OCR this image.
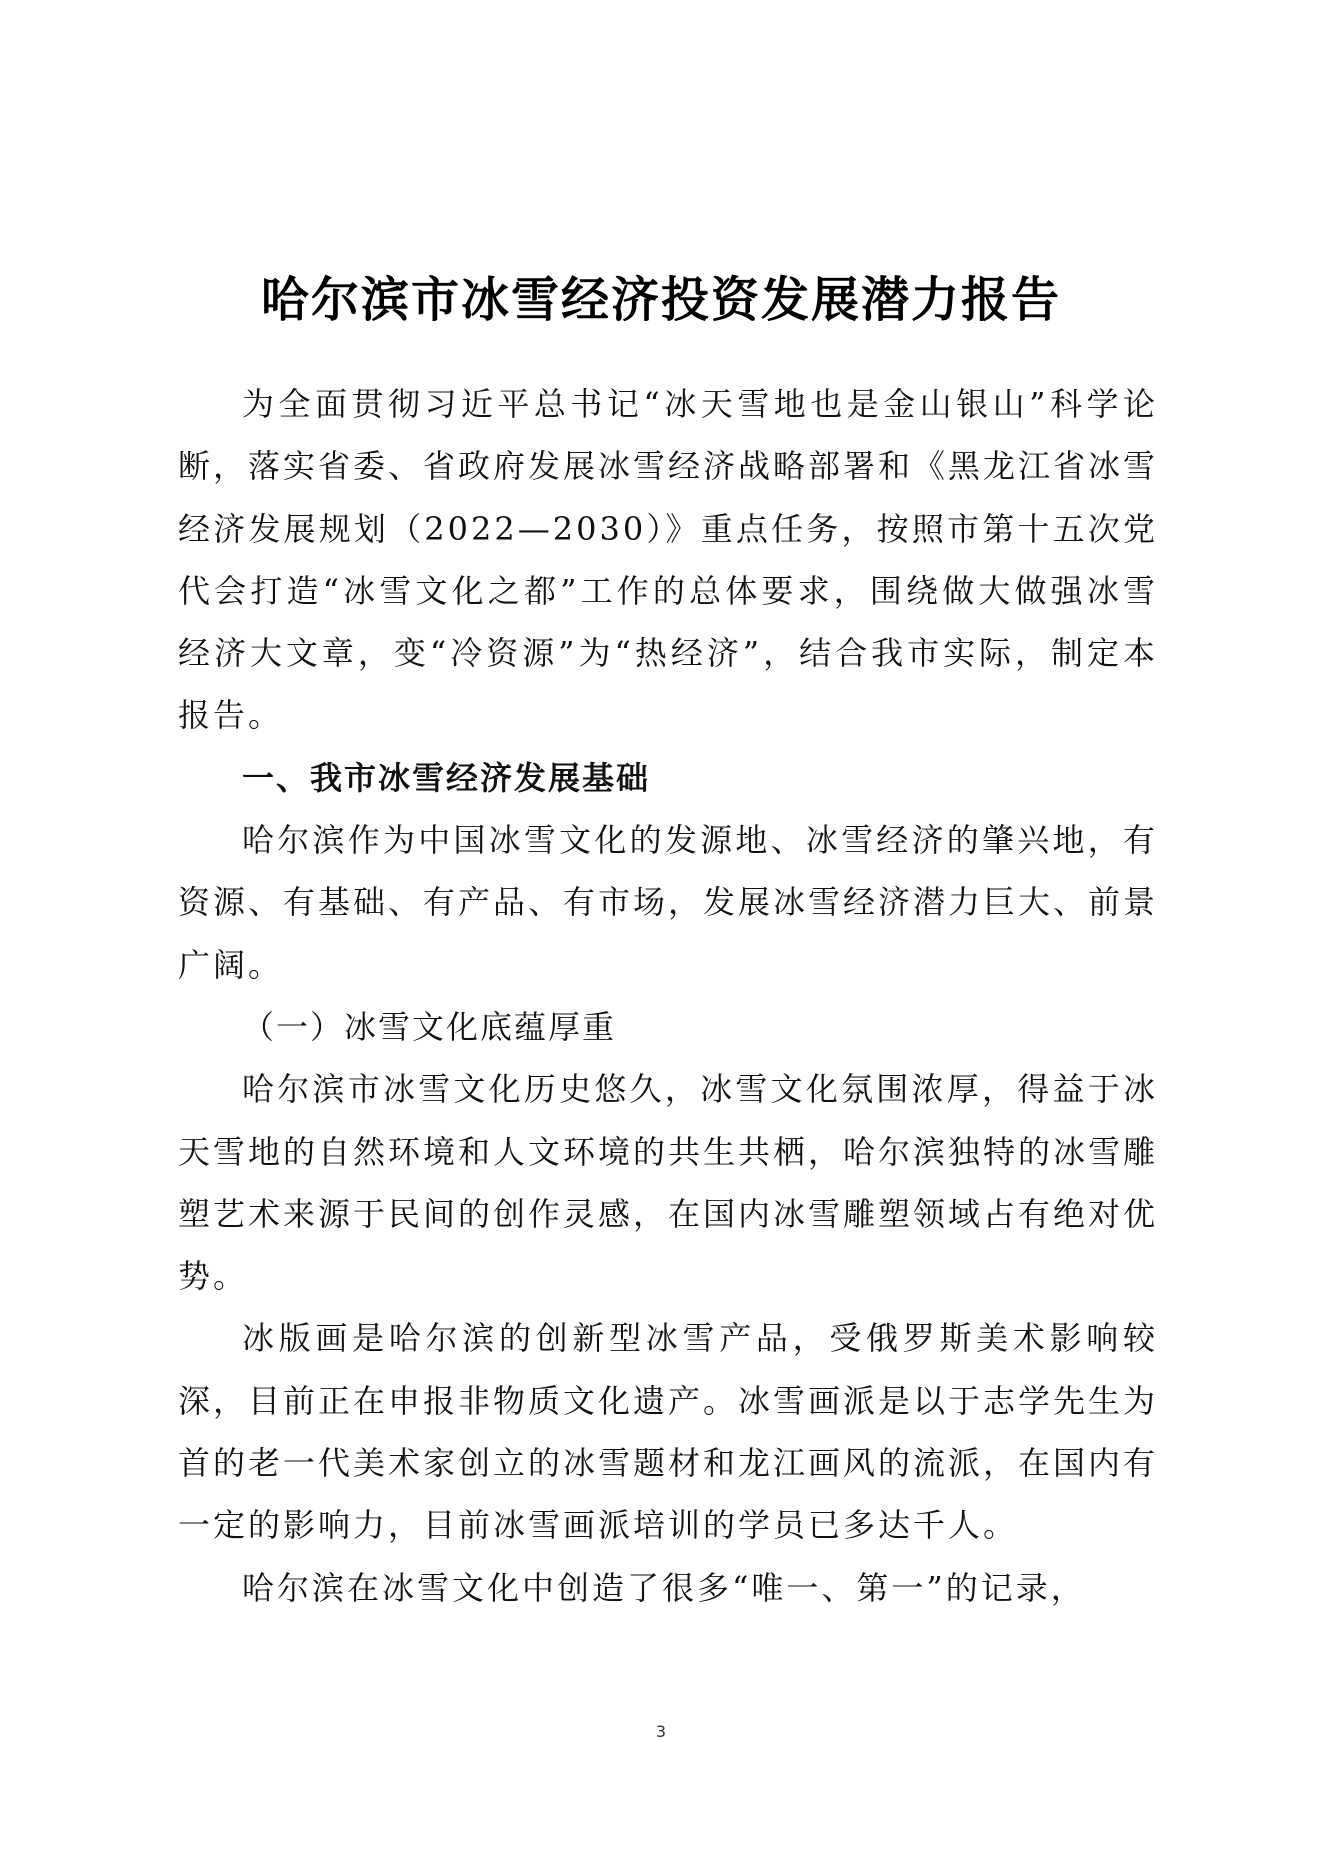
哈尔滨市冰雪经济投资发展潜力报告

为全面贯彻习近平总书记“冰天雪地也是金山银山”科学论断，落实省委、省政府发展冰雪经济战略部署和《黑龙江省冰雪经济发展规划（2022—2030）》重点任务，按照市第十五次党代会打造“冰雪文化之都”工作的总体要求，围绕做大做强冰雪经济大文章，变“冷资源”为“热经济”，结合我市实际，制定本报告。

一、我市冰雪经济发展基础

哈尔滨作为中国冰雪文化的发源地、冰雪经济的肇兴地，有资源、有基础、有产品、有市场，发展冰雪经济潜力巨大、前景广阔。

（一）冰雪文化底蕴厚重

哈尔滨市冰雪文化历史悠久，冰雪文化氛围浓厚，得益于冰天雪地的自然环境和人文环境的共生共栖，哈尔滨独特的冰雪雕塑艺术来源于民间的创作灵感，在国内冰雪雕塑领域占有绝对优势。

冰版画是哈尔滨的创新型冰雪产品，受俄罗斯美术影响较深，目前正在申报非物质文化遗产。冰雪画派是以于志学先生为首的老一代美术家创立的冰雪题材和龙江画风的流派，在国内有一定的影响力，目前冰雪画派培训的学员已多达千人。

哈尔滨在冰雪文化中创造了很多“唯一、第一”的记录，

3
